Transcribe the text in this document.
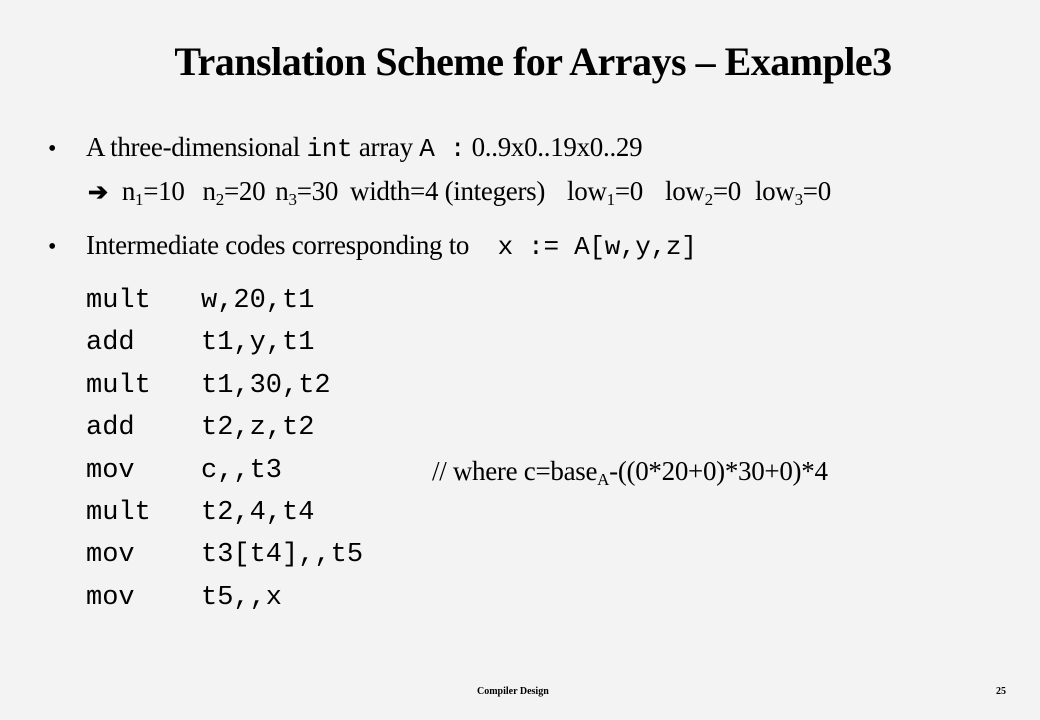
Translation Scheme for Arrays – Example3
• A three-dimensional int array A : 0..9x0..19x0..29
➔ $n_1=10$ $n_2=20$ $n_3=30$ width=4 (integers) low$_1$=0 low$_2$=0 low$_3$=0
• Intermediate codes corresponding to x := A[w,y,z]
mult w,20,t1
add t1,y,t1
mult t1,30,t2
add t2,z,t2
mov c,,t3	// where c=base$_A$-((0*20+0)*30+0)*4
mult t2,4,t4
mov t3[t4],,t5
mov t5,,x
Compiler Design	25
